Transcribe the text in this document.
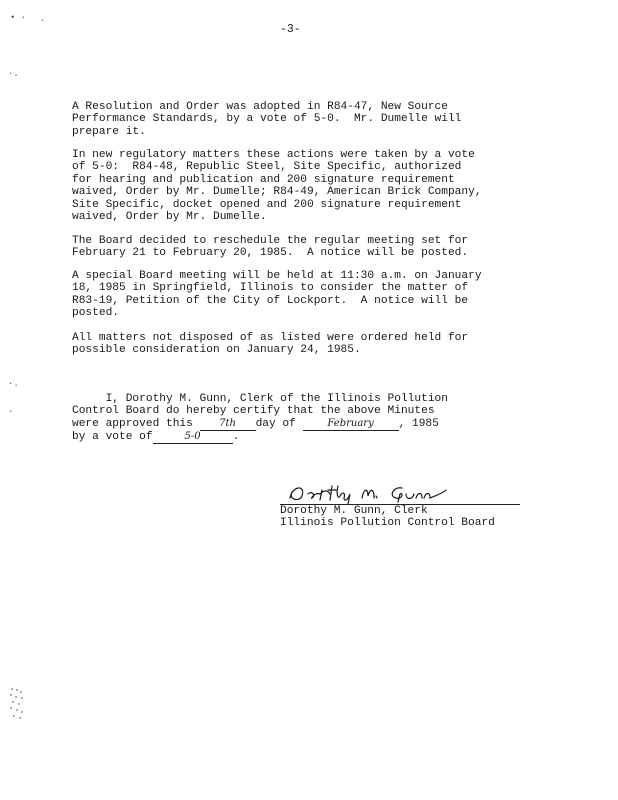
-3-
• · ·
·.
·.
·
A Resolution and Order was adopted in R84-47, New Source
Performance Standards, by a vote of 5-0.  Mr. Dumelle will
prepare it.
In new regulatory matters these actions were taken by a vote
of 5-0:  R84-48, Republic Steel, Site Specific, authorized
for hearing and publication and 200 signature requirement
waived, Order by Mr. Dumelle; R84-49, American Brick Company,
Site Specific, docket opened and 200 signature requirement
waived, Order by Mr. Dumelle.
The Board decided to reschedule the regular meeting set for
February 21 to February 20, 1985.  A notice will be posted.
A special Board meeting will be held at 11:30 a.m. on January
18, 1985 in Springfield, Illinois to consider the matter of
R83-19, Petition of the City of Lockport.  A notice will be
posted.
All matters not disposed of as listed were ordered held for
possible consideration on January 24, 1985.
I, Dorothy M. Gunn, Clerk of the Illinois Pollution
Control Board do hereby certify that the above Minutes
were approved this 7th day of February , 1985
by a vote of	5-0	.
Dorothy M. Gunn, Clerk
Illinois Pollution Control Board
